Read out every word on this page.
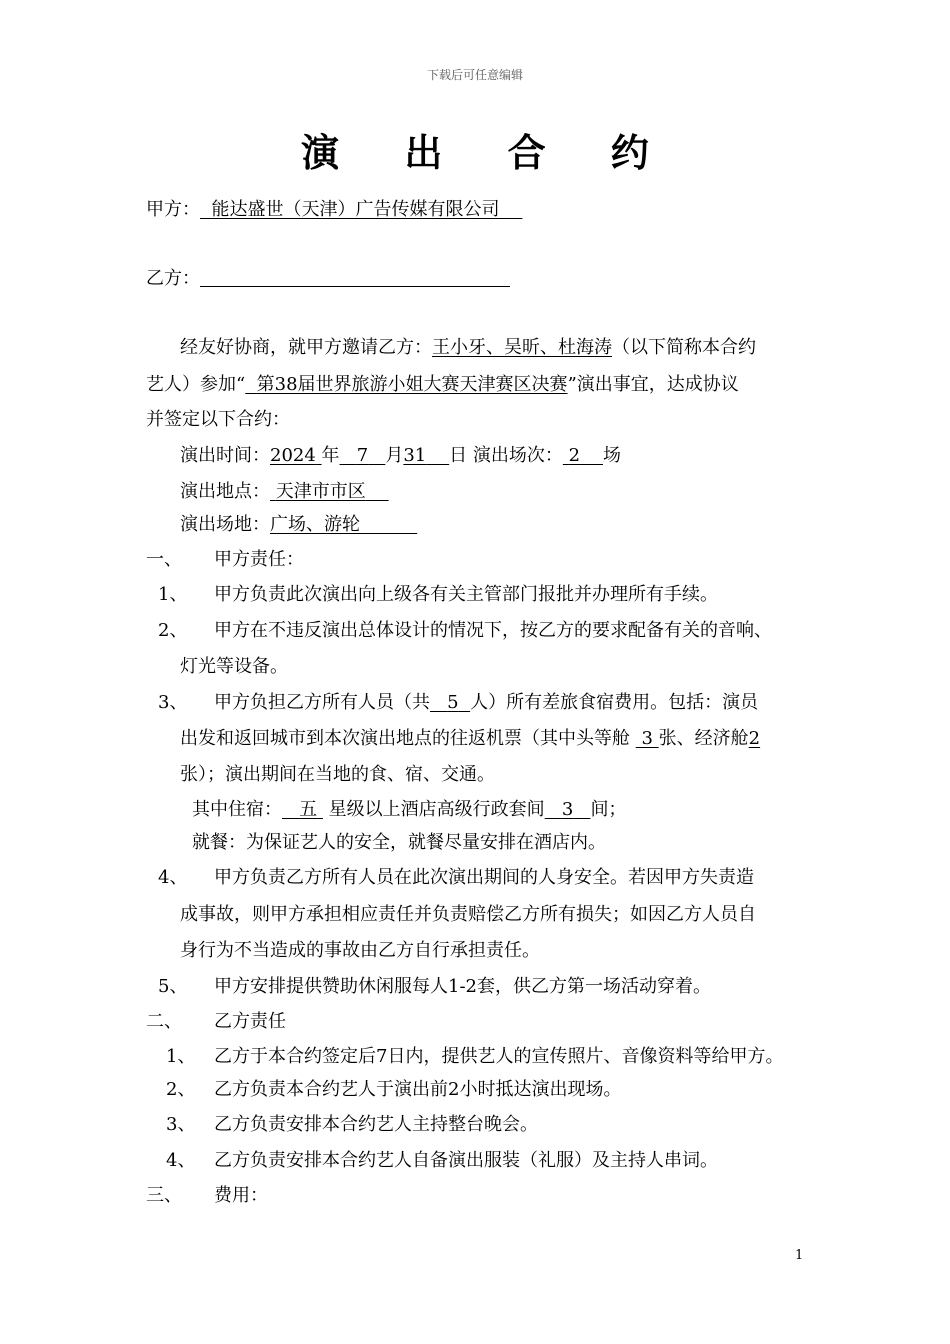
下载后可任意编辑
演 出 合 约
甲方： 能达盛世（天津）广告传媒有限公司
乙方：
经友好协商，就甲方邀请乙方：王小牙、吴昕、杜海涛（以下简称本合约
艺人）参加“ 第38届世界旅游小姐大赛天津赛区决赛”演出事宜，达成协议
并签定以下合约：
演出时间：2024 年 7 月31 日 演出场次： 2 场
演出地点： 天津市市区
演出场地：广场、游轮
一、 甲方责任：
1、 甲方负责此次演出向上级各有关主管部门报批并办理所有手续。
2、 甲方在不违反演出总体设计的情况下，按乙方的要求配备有关的音响、
灯光等设备。
3、 甲方负担乙方所有人员（共 5 人）所有差旅食宿费用。包括：演员
出发和返回城市到本次演出地点的往返机票（其中头等舱 3 张、经济舱2
张）；演出期间在当地的食、宿、交通。
其中住宿： 五 星级以上酒店高级行政套间 3 间；
就餐：为保证艺人的安全，就餐尽量安排在酒店内。
4、 甲方负责乙方所有人员在此次演出期间的人身安全。若因甲方失责造
成事故，则甲方承担相应责任并负责赔偿乙方所有损失；如因乙方人员自
身行为不当造成的事故由乙方自行承担责任。
5、 甲方安排提供赞助休闲服每人1-2套，供乙方第一场活动穿着。
二、 乙方责任
1、 乙方于本合约签定后7日内，提供艺人的宣传照片、音像资料等给甲方。
2、 乙方负责本合约艺人于演出前2小时抵达演出现场。
3、 乙方负责安排本合约艺人主持整台晚会。
4、 乙方负责安排本合约艺人自备演出服装（礼服）及主持人串词。
三、 费用：
1
